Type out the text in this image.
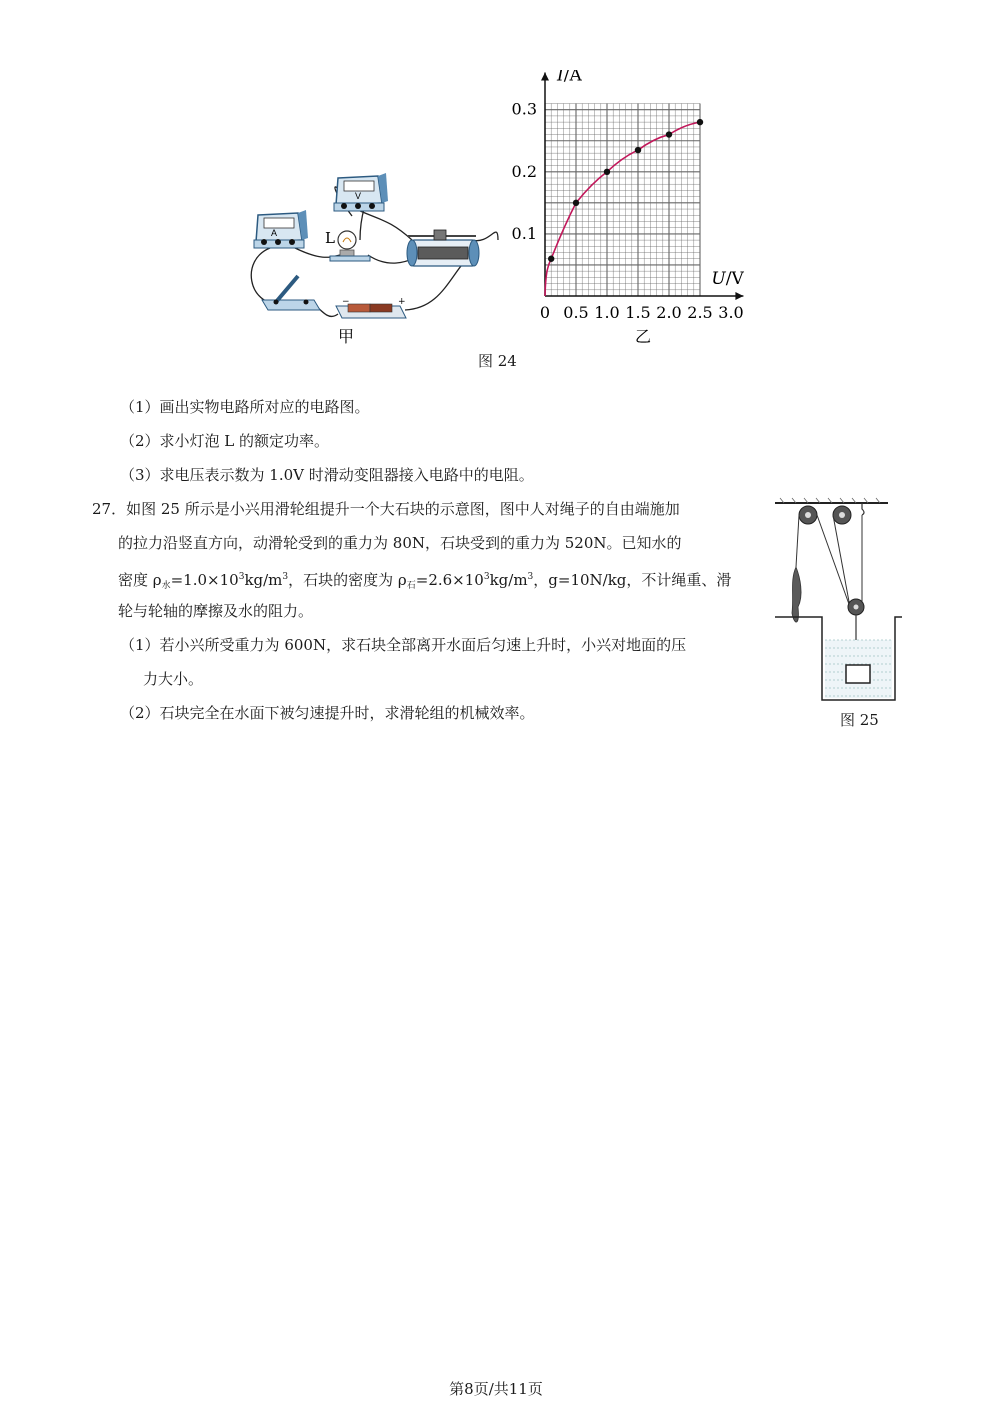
A
V
L
−	+
甲
0 0.5 1.0 1.5 2.0 2.5 3.0
0.1
0.2
0.3
I/A
U/V
乙
图 24
（1）画出实物电路所对应的电路图。
（2）求小灯泡 L 的额定功率。
（3）求电压表示数为 1.0V 时滑动变阻器接入电路中的电阻。
27．如图 25 所示是小兴用滑轮组提升一个大石块的示意图，图中人对绳子的自由端施加
的拉力沿竖直方向，动滑轮受到的重力为 80N，石块受到的重力为 520N。已知水的
密度 $\rho_水=1.0\times 10^3kg/m^3$，石块的密度为 $\rho_石=2.6\times 10^3kg/m^3$，g=10N/kg，不计绳重、滑
轮与轮轴的摩擦及水的阻力。
（1）若小兴所受重力为 600N，求石块全部离开水面后匀速上升时，小兴对地面的压
力大小。
（2）石块完全在水面下被匀速提升时，求滑轮组的机械效率。	图 25
第8页/共11页
